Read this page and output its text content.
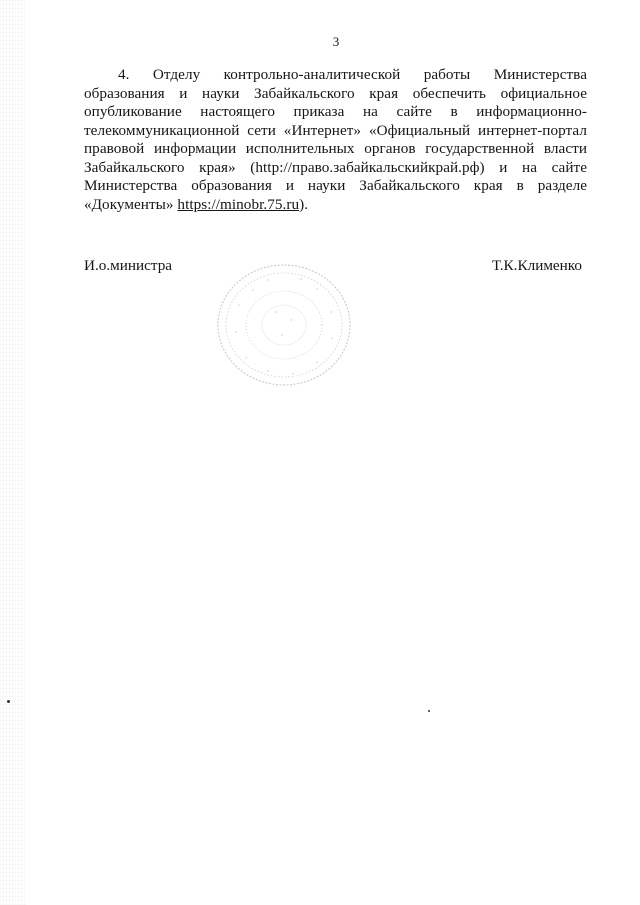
3

4. Отделу контрольно-аналитической работы Министерства образования и науки Забайкальского края обеспечить официальное опубликование настоящего приказа на сайте в информационно-телекоммуникационной сети «Интернет» «Официальный интернет-портал правовой информации исполнительных органов государственной власти Забайкальского края» (http://право.забайкальскийкрай.рф) и на сайте Министерства образования и науки Забайкальского края в разделе «Документы» https://minobr.75.ru).

И.о.министра	Т.К.Клименко
